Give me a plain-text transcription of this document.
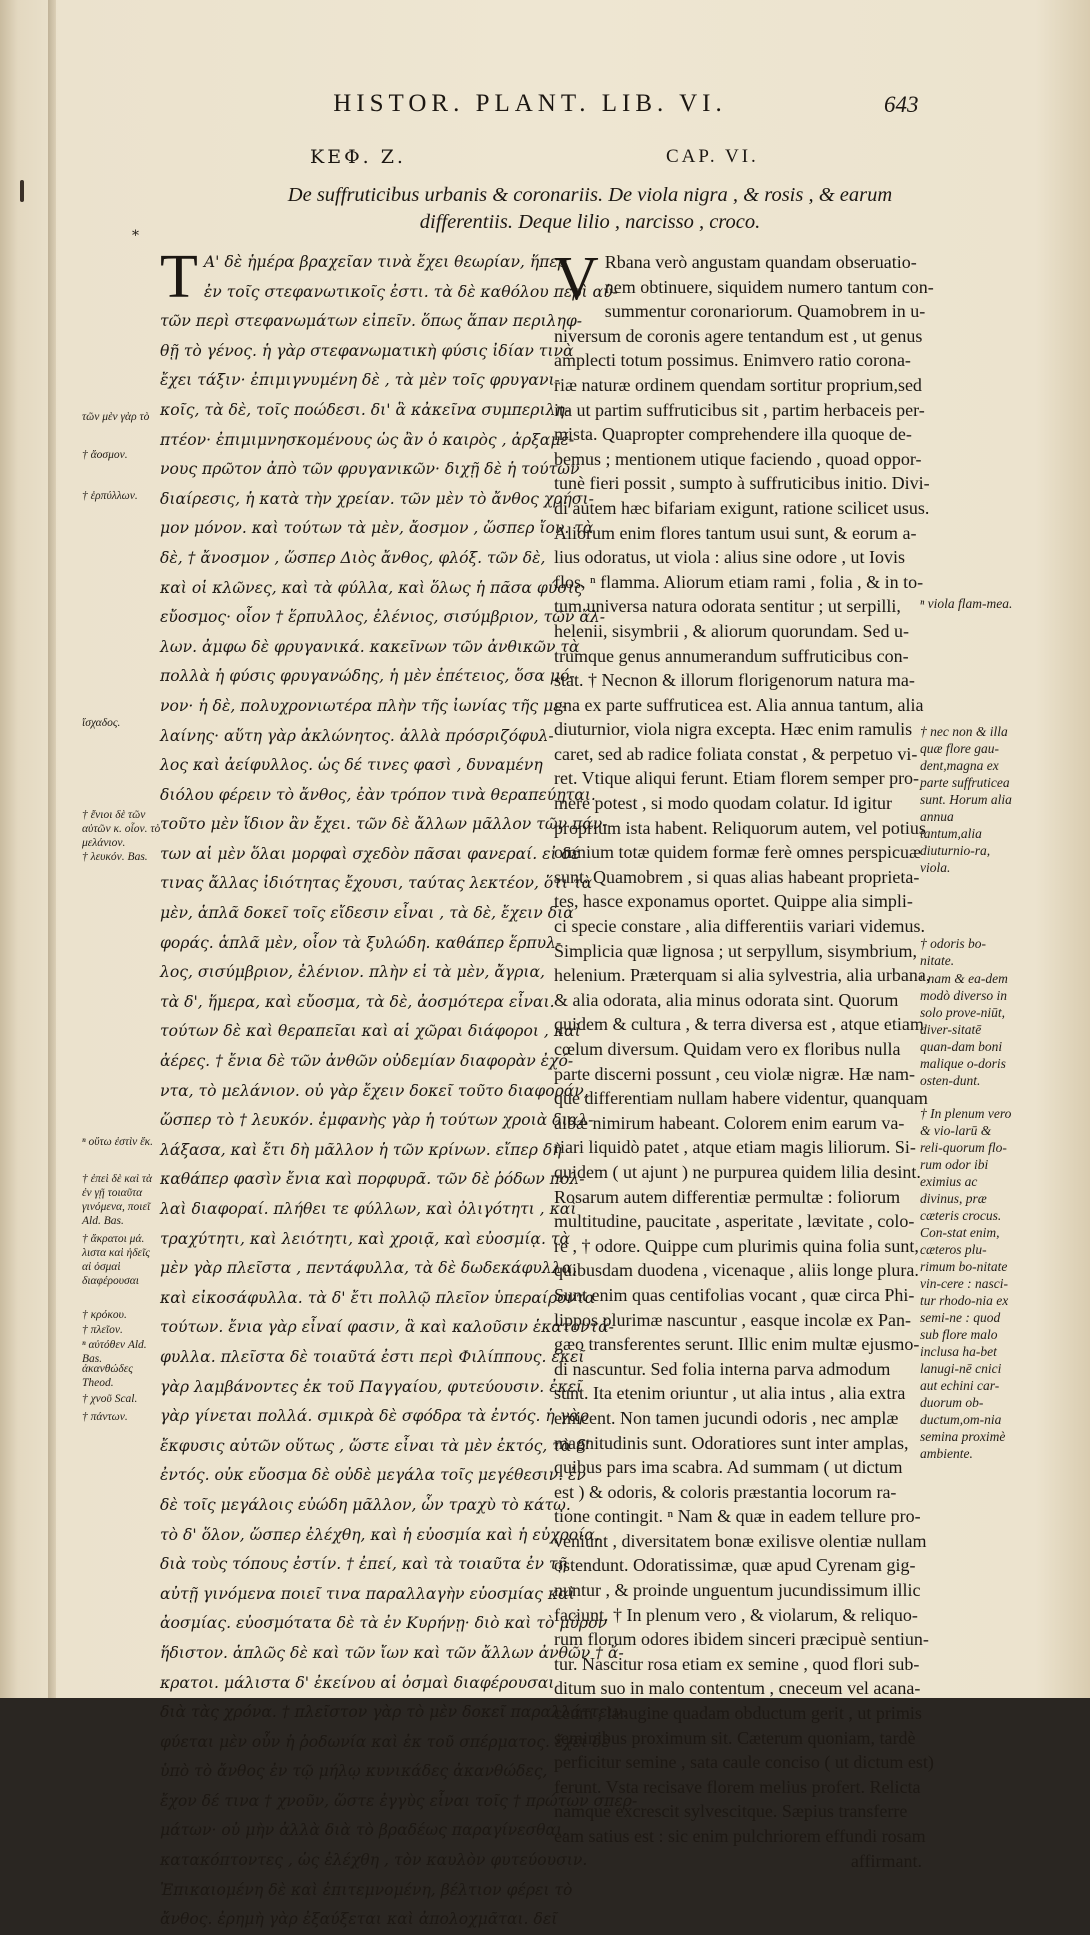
HISTOR. PLANT. LIB. VI.	643
ΚΕΦ. Ζ.	CAP. VI.
De suffruticibus urbanis & coronariis. De viola nigra , & rosis , & earum
differentiis. Deque lilio , narcisso , croco.
*
T Α' δὲ ἡμέρα βραχεῖαν τινὰ ἔχει θεωρίαν, ἥπερ
ἐν τοῖς στεφανωτικοῖς ἐστι. τὰ δὲ καθόλου περὶ αὐ-
τῶν περὶ στεφανωμάτων εἰπεῖν. ὅπως ἅπαν περιληφ-
θῇ τὸ γένος. ἡ γὰρ στεφανωματικὴ φύσις ἰδίαν τινὰ
ἔχει τάξιν· ἐπιμιγνυμένη δὲ , τὰ μὲν τοῖς φρυγανι-
κοῖς, τὰ δὲ, τοῖς ποώδεσι. δι' ἃ κἀκεῖνα συμπεριλη-
πτέον· ἐπιμιμνησκομένους ὡς ἂν ὁ καιρὸς , ἀρξαμέ-
νους πρῶτον ἀπὸ τῶν φρυγανικῶν· διχῇ δὲ ἡ τούτων
διαίρεσις, ἡ κατὰ τὴν χρείαν. τῶν μὲν τὸ ἄνθος χρήσι-
μον μόνον. καὶ τούτων τὰ μὲν, ἄοσμον , ὥσπερ ἴον. τὰ
δὲ, † ἄνοσμον , ὥσπερ Διὸς ἄνθος, φλόξ. τῶν δὲ,
καὶ οἱ κλῶνες, καὶ τὰ φύλλα, καὶ ὅλως ἡ πᾶσα φύσις
εὔοσμος· οἷον † ἕρπυλλος, ἐλένιος, σισύμβριον, τῶν ἄλ-
λων. ἀμφω δὲ φρυγανικά. κακεῖνων τῶν ἀνθικῶν τὰ
πολλὰ ἡ φύσις φρυγανώδης, ἡ μὲν ἐπέτειος, ὅσα μό-
νον· ἡ δὲ, πολυχρονιωτέρα πλὴν τῆς ἰωνίας τῆς με-
λαίνης· αὕτη γὰρ ἀκλώνητος. ἀλλὰ πρόσριζόφυλ-
λος καὶ ἀείφυλλος. ὡς δέ τινες φασὶ , δυναμένη
διόλου φέρειν τὸ ἄνθος, ἐὰν τρόπον τινὰ θεραπεύηται.
τοῦτο μὲν ἴδιον ἂν ἔχει. τῶν δὲ ἄλλων μᾶλλον τῶν πάν-
των αἱ μὲν ὅλαι μορφαὶ σχεδὸν πᾶσαι φανεραί. εἰ δέ
τινας ἄλλας ἰδιότητας ἔχουσι, ταύτας λεκτέον, ὅτι τὰ
μὲν, ἁπλᾶ δοκεῖ τοῖς εἴδεσιν εἶναι , τὰ δὲ, ἔχειν διὰ
φοράς. ἁπλᾶ μὲν, οἷον τὰ ξυλώδη. καθάπερ ἕρπυλ-
λος, σισύμβριον, ἐλένιον. πλὴν εἰ τὰ μὲν, ἄγρια,
τὰ δ', ἥμερα, καὶ εὔοσμα, τὰ δὲ, ἀοσμότερα εἶναι.
τούτων δὲ καὶ θεραπεῖαι καὶ αἱ χῶραι διάφοροι , καὶ
ἀέρες. † ἔνια δὲ τῶν ἀνθῶν οὐδεμίαν διαφορὰν ἐχό-
ντα, τὸ μελάνιον. οὐ γὰρ ἔχειν δοκεῖ τοῦτο διαφοράν,
ὥσπερ τὸ † λευκόν. ἐμφανὴς γὰρ ἡ τούτων χροιὰ διαλ-
λάξασα, καὶ ἔτι δὴ μᾶλλον ἡ τῶν κρίνων. εἴπερ δὴ
καθάπερ φασὶν ἔνια καὶ πορφυρᾶ. τῶν δὲ ῥόδων πολ-
λαὶ διαφοραί. πλήθει τε φύλλων, καὶ ὀλιγότητι , καὶ
τραχύτητι, καὶ λειότητι, καὶ χροιᾷ, καὶ εὐοσμίᾳ. τὰ
μὲν γὰρ πλεῖστα , πεντάφυλλα, τὰ δὲ δωδεκάφυλλα,
καὶ εἰκοσάφυλλα. τὰ δ' ἔτι πολλῷ πλεῖον ὑπεραίροντα
τούτων. ἔνια γὰρ εἶναί φασιν, ἃ καὶ καλοῦσιν ἑκατοντά-
φυλλα. πλεῖστα δὲ τοιαῦτά ἐστι περὶ Φιλίππους. ἐκεῖ
γὰρ λαμβάνοντες ἐκ τοῦ Παγγαίου, φυτεύουσιν. ἐκεῖ
γὰρ γίνεται πολλά. σμικρὰ δὲ σφόδρα τὰ ἐντός. ἡ γὰρ
ἔκφυσις αὐτῶν οὕτως , ὥστε εἶναι τὰ μὲν ἐκτός, τὰ δ'
ἐντός. οὐκ εὔοσμα δὲ οὐδὲ μεγάλα τοῖς μεγέθεσιν. ἐν
δὲ τοῖς μεγάλοις εὐώδη μᾶλλον, ὧν τραχὺ τὸ κάτω.
τὸ δ' ὅλον, ὥσπερ ἐλέχθη, καὶ ἡ εὐοσμία καὶ ἡ εὐχροία,
διὰ τοὺς τόπους ἐστίν. † ἐπεί, καὶ τὰ τοιαῦτα ἐν τῇ
αὐτῇ γινόμενα ποιεῖ τινα παραλλαγὴν εὐοσμίας καὶ
ἀοσμίας. εὐοσμότατα δὲ τὰ ἐν Κυρήνῃ· διὸ καὶ τὸ μύρον
ἥδιστον. ἁπλῶς δὲ καὶ τῶν ἴων καὶ τῶν ἄλλων ἀνθῶν † ἄ-
κρατοι. μάλιστα δ' ἐκείνου αἱ ὀσμαὶ διαφέρουσαι
διὰ τὰς χρόνα. † πλεῖστον γὰρ τὸ μὲν δοκεῖ παραλλάττειν.
φύεται μὲν οὖν ἡ ῥοδωνία καὶ ἐκ τοῦ σπέρματος. ἔχει δὲ
ὑπὸ τὸ ἄνθος ἐν τῷ μήλῳ κυνικάδες ἀκανθώδες,
ἔχον δέ τινα † χνοῦν, ὥστε ἐγγὺς εἶναι τοῖς † πρώτων σπερ-
μάτων· οὐ μὴν ἀλλὰ διὰ τὸ βραδέως παραγίνεσθαι,
κατακόπτοντες , ὡς ἐλέχθη , τὸν καυλὸν φυτεύουσιν.
Ἐπικαιομένη δὲ καὶ ἐπιτεμνομένη, βέλτιον φέρει τὸ
ἄνθος. ἐρημὴ γὰρ ἐξαύξεται καὶ ἀπολοχμᾶται. δεῖ
V Rbana verò angustam quandam obseruatio-
nem obtinuere, siquidem numero tantum con-
summentur coronariorum. Quamobrem in u-
niversum de coronis agere tentandum est , ut genus
amplecti totum possimus. Enimvero ratio corona-
riæ naturæ ordinem quendam sortitur proprium,sed
ita ut partim suffruticibus sit , partim herbaceis per-
mista. Quapropter comprehendere illa quoque de-
bemus ; mentionem utique faciendo , quoad oppor-
tunè fieri possit , sumpto à suffruticibus initio. Divi-
di autem hæc bifariam exigunt, ratione scilicet usus.
Aliorum enim flores tantum usui sunt, & eorum a-
lius odoratus, ut viola : alius sine odore , ut Iovis
flos, ⁿ flamma. Aliorum etiam rami , folia , & in to-
tum universa natura odorata sentitur ; ut serpilli,
helenii, sisymbrii , & aliorum quorundam. Sed u-
trumque genus annumerandum suffruticibus con-
stat. † Necnon & illorum florigenorum natura ma-
gna ex parte suffruticea est. Alia annua tantum, alia
diuturnior, viola nigra excepta. Hæc enim ramulis
caret, sed ab radice foliata constat , & perpetuo vi-
ret. Vtique aliqui ferunt. Etiam florem semper pro-
mere potest , si modo quodam colatur. Id igitur
proprium ista habent. Reliquorum autem, vel potius
omnium totæ quidem formæ ferè omnes perspicuæ
sunt. Quamobrem , si quas alias habeant proprieta-
tes, hasce exponamus oportet. Quippe alia simpli-
ci specie constare , alia differentiis variari videmus.
Simplicia quæ lignosa ; ut serpyllum, sisymbrium,
helenium. Præterquam si alia sylvestria, alia urbana,
& alia odorata, alia minus odorata sint. Quorum
quidem & cultura , & terra diversa est , atque etiam
cœlum diversum. Quidam vero ex floribus nulla
parte discerni possunt , ceu violæ nigræ. Hæ nam-
que differentiam nullam habere videntur, quanquam
albæ nimirum habeant. Colorem enim earum va-
riari liquidò patet , atque etiam magis liliorum. Si-
quidem ( ut ajunt ) ne purpurea quidem lilia desint.
Rosarum autem differentiæ permultæ : foliorum
multitudine, paucitate , asperitate , lævitate , colo-
re , † odore. Quippe cum plurimis quina folia sunt,
quibusdam duodena , vicenaque , aliis longe plura.
Sunt enim quas centifolias vocant , quæ circa Phi-
lippos plurimæ nascuntur , easque incolæ ex Pan-
gæo transferentes serunt. Illic enim multæ ejusmo-
di nascuntur. Sed folia interna parva admodum
sunt. Ita etenim oriuntur , ut alia intus , alia extra
emicent. Non tamen jucundi odoris , nec amplæ
magnitudinis sunt. Odoratiores sunt inter amplas,
quibus pars ima scabra. Ad summam ( ut dictum
est ) & odoris, & coloris præstantia locorum ra-
tione contingit. ⁿ Nam & quæ in eadem tellure pro-
veniunt , diversitatem bonæ exilisve olentiæ nullam
ostendunt. Odoratissimæ, quæ apud Cyrenam gig-
nuntur , & proinde unguentum jucundissimum illic
faciunt. † In plenum vero , & violarum, & reliquo-
rum florum odores ibidem sinceri præcipuè sentiun-
tur. Nascitur rosa etiam ex semine , quod flori sub-
ditum suo in malo contentum , cneceum vel acana-
ceum , lanugine quadam obductum gerit , ut primis
seminibus proximum sit. Cæterum quoniam, tardè
perficitur semine , sata caule conciso ( ut dictum est)
ferunt. Vsta recisave florem melius profert. Relicta
namque excrescit sylvescitque. Sæpius transferre
eam satius est : sic enim pulchriorem effundi rosam
affirmant.
τῶν μὲν γὰρ τὸ
† ἄοσμον.
† ἑρπύλλων.
ἴσχαδος.
† ἔνιοι δὲ τῶν αὐτῶν κ. οἷον. τὸ μελάνιον.
† λευκόν. Bas.
ⁿ οὕτω ἐστὶν ἔκ.
† ἐπεὶ δὲ καὶ τὰ ἐν γῇ τοιαῦτα γινόμενα, ποιεῖ Ald. Bas.
† ἄκρατοι μά. λιστα καὶ ἡδεῖς αἱ ὀσμαὶ διαφέρουσαι
† κρόκου.
† πλεῖον.
ⁿ αὐτόθεν Ald. Bas.
ἀκανθώδες Theod.
† χνοῦ Scal.
† πάντων.
ⁿ viola flam-mea.
† nec non & illa quæ flore gau-dent,magna ex parte suffruticea sunt. Horum alia annua tantum,alia diuturnio-ra, viola.
† odoris bo-nitate.
ⁿ nam & ea-dem modò diverso in solo prove-niūt, diver-sitatē quan-dam boni malique o-doris osten-dunt.
† In plenum vero & vio-larū & reli-quorum flo-rum odor ibi eximius ac divinus, præ cæteris crocus. Con-stat enim, cæteros plu-rimum bo-nitate vin-cere : nasci-tur rhodo-nia ex semi-ne : quod sub flore malo inclusa ha-bet lanugi-nē cnici aut echini car-duorum ob-ductum,om-nia semina proximè ambiente.
